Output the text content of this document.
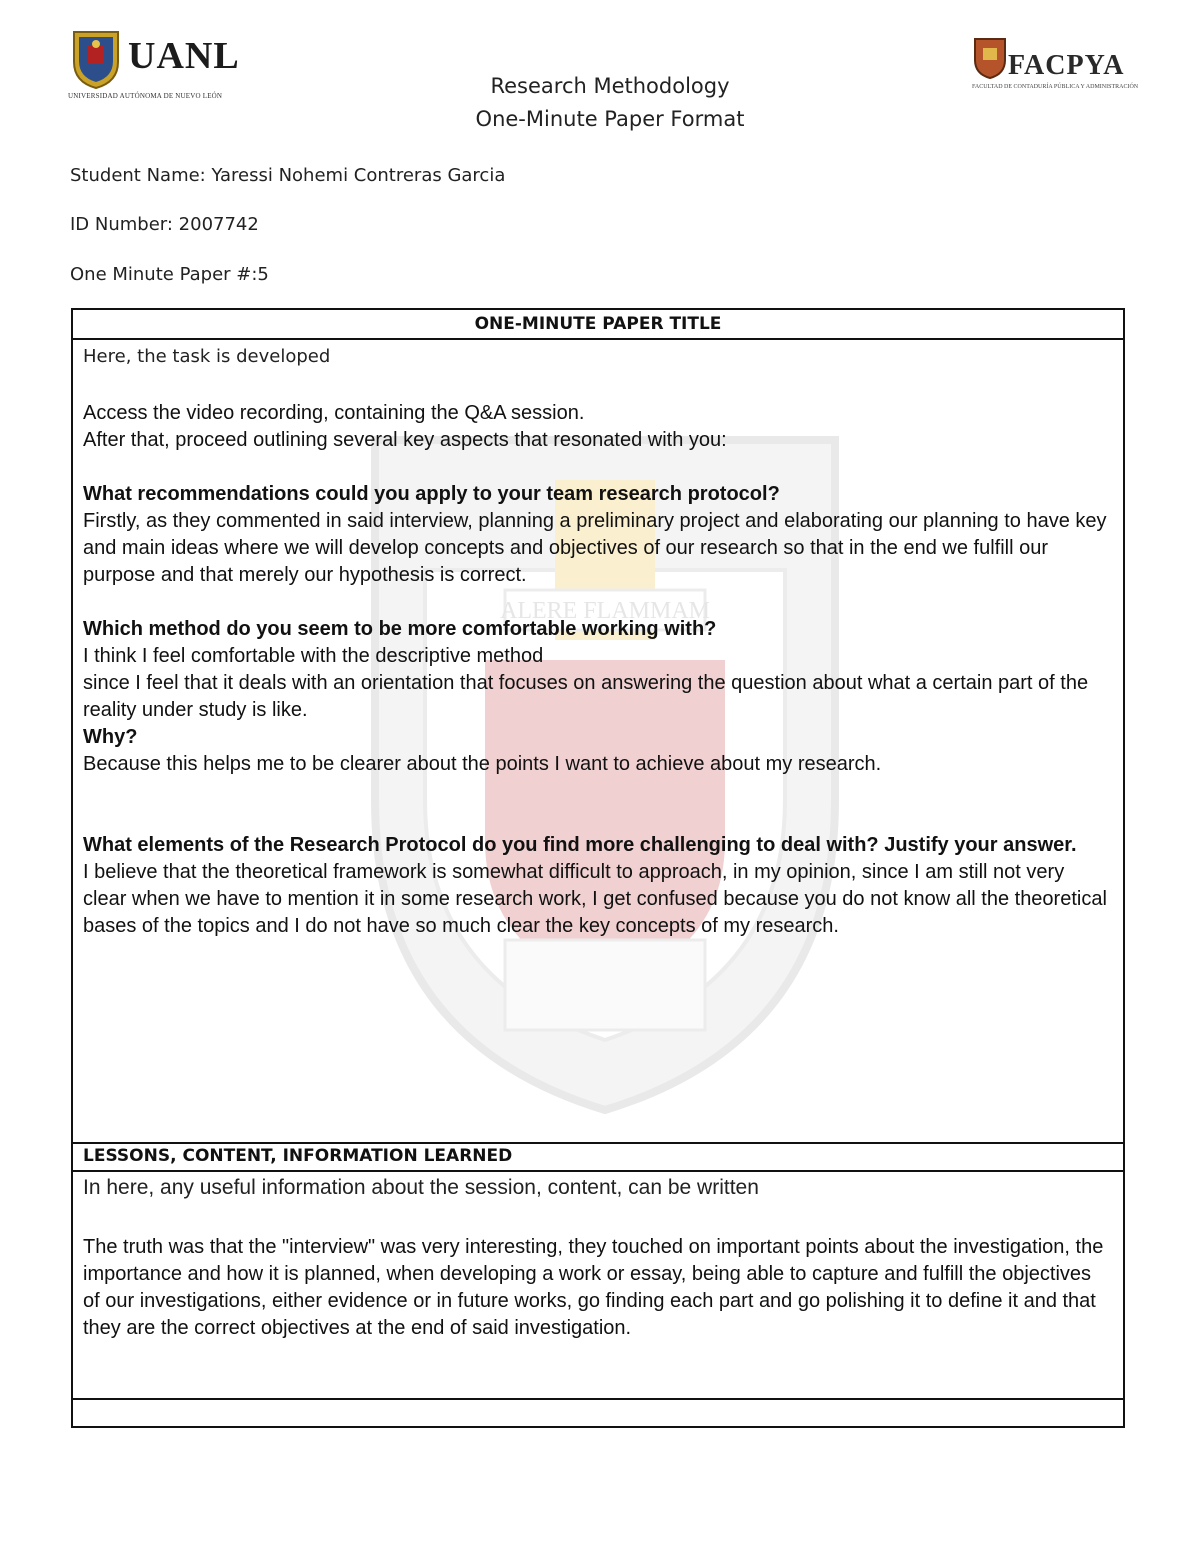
UANL
UNIVERSIDAD AUTÓNOMA DE NUEVO LEÓN
FACPYA
FACULTAD DE CONTADURÍA PÚBLICA Y ADMINISTRACIÓN
Research Methodology
One-Minute Paper Format
Student Name: Yaressi Nohemi Contreras Garcia
ID Number: 2007742
One Minute Paper #:5
ALERE FLAMMAM
ONE-MINUTE PAPER TITLE
Here, the task is developed

Access the video recording, containing the Q&A session.

After that, proceed outlining several key aspects that resonated with you:

What recommendations could you apply to your team research protocol?

Firstly, as they commented in said interview, planning a preliminary project and elaborating our planning to have key and main ideas where we will develop concepts and objectives of our research so that in the end we fulfill our purpose and that merely our hypothesis is correct.

Which method do you seem to be more comfortable working with?

I think I feel comfortable with the descriptive method

since I feel that it deals with an orientation that focuses on answering the question about what a certain part of the reality under study is like.

Why?

Because this helps me to be clearer about the points I want to achieve about my research.

What elements of the Research Protocol do you find more challenging to deal with? Justify your answer.

I believe that the theoretical framework is somewhat difficult to approach, in my opinion, since I am still not very clear when we have to mention it in some research work, I get confused because you do not know all the theoretical bases of the topics and I do not have so much clear the key concepts of my research.

LESSONS, CONTENT, INFORMATION LEARNED
In here, any useful information about the session, content, can be written
The truth was that the "interview" was very interesting, they touched on important points about the investigation, the importance and how it is planned, when developing a work or essay, being able to capture and fulfill the objectives of our investigations, either evidence or in future works, go finding each part and go polishing it to define it and that they are the correct objectives at the end of said investigation.
